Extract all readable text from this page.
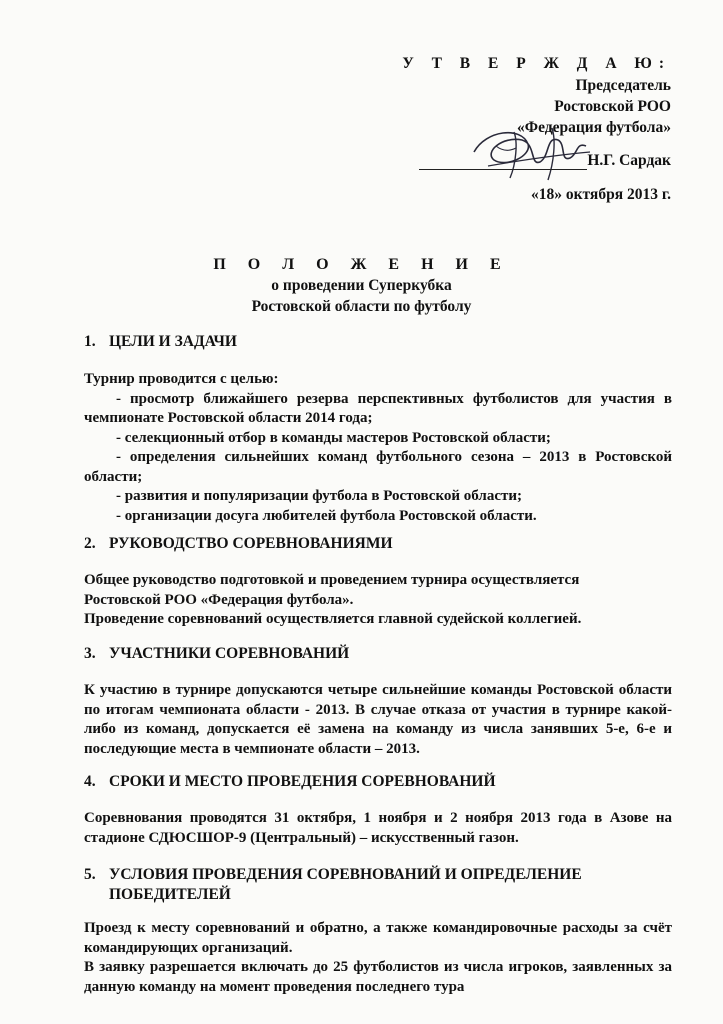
У Т В Е Р Ж Д А Ю:
Председатель
Ростовской РОО
«Федерация футбола»
Н.Г. Сардак
«18» октября 2013 г.
П О Л О Ж Е Н И Е
о проведении Суперкубка
Ростовской области по футболу
1. ЦЕЛИ И ЗАДАЧИ
Турнир проводится с целью:
- просмотр ближайшего резерва перспективных футболистов для участия в чемпионате Ростовской области 2014 года;
- селекционный отбор в команды мастеров Ростовской области;
- определения сильнейших команд футбольного сезона – 2013 в Ростовской области;
- развития и популяризации футбола в Ростовской области;
- организации досуга любителей футбола Ростовской области.
2. РУКОВОДСТВО СОРЕВНОВАНИЯМИ
Общее руководство подготовкой и проведением турнира осуществляется
Ростовской РОО «Федерация футбола».
Проведение соревнований осуществляется главной судейской коллегией.
3. УЧАСТНИКИ СОРЕВНОВАНИЙ
К участию в турнире допускаются четыре сильнейшие команды Ростовской области по итогам чемпионата области - 2013. В случае отказа от участия в турнире какой-либо из команд, допускается её замена на команду из числа занявших 5-е, 6-е и последующие места в чемпионате области – 2013.
4. СРОКИ И МЕСТО ПРОВЕДЕНИЯ СОРЕВНОВАНИЙ
Соревнования проводятся 31 октября, 1 ноября и 2 ноября 2013 года в Азове на стадионе СДЮСШОР-9 (Центральный) – искусственный газон.
5. УСЛОВИЯ ПРОВЕДЕНИЯ СОРЕВНОВАНИЙ И ОПРЕДЕЛЕНИЕ
ПОБЕДИТЕЛЕЙ
Проезд к месту соревнований и обратно, а также командировочные расходы за счёт командирующих организаций.
В заявку разрешается включать до 25 футболистов из числа игроков, заявленных за данную команду на момент проведения последнего тура
